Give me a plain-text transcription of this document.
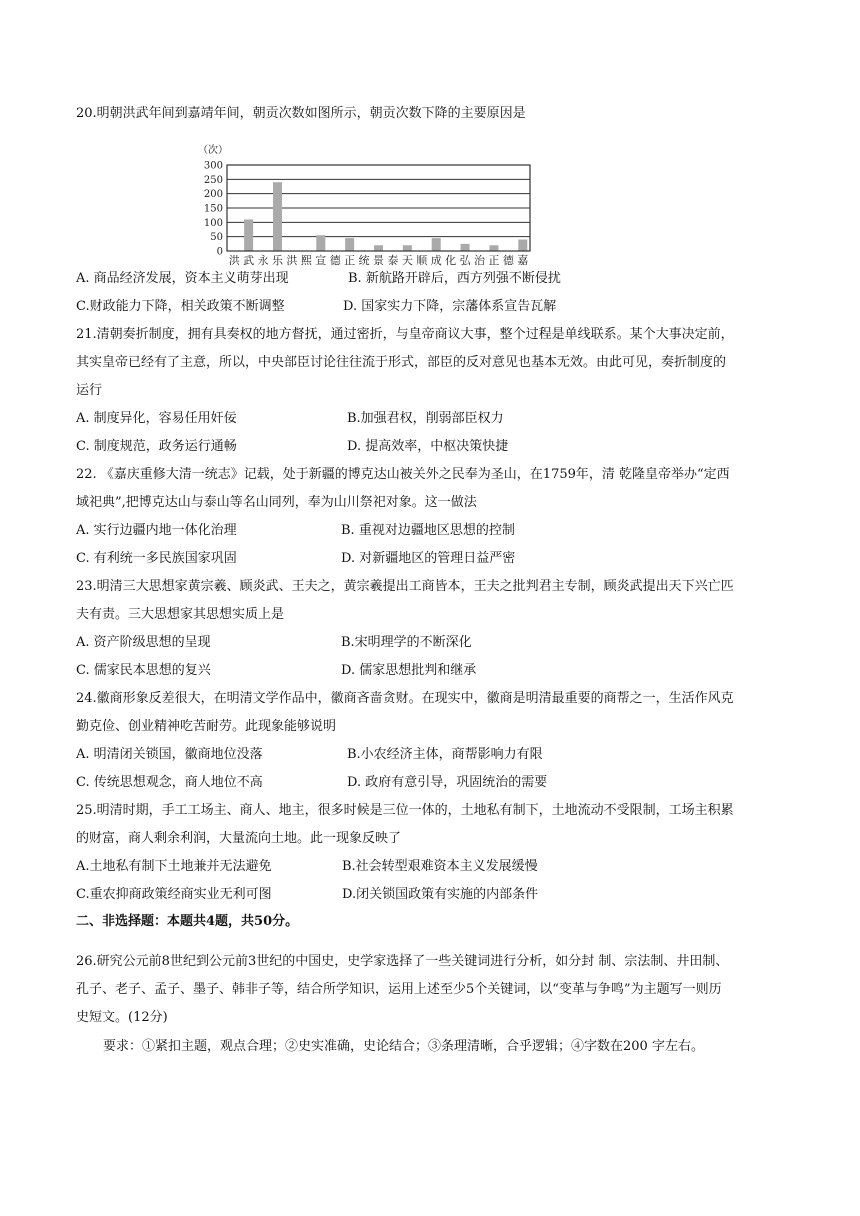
20.明朝洪武年间到嘉靖年间，朝贡次数如图所示，朝贡次数下降的主要原因是
（次）
0
50
100
150
200
250
300
洪 武 永 乐 洪 熙 宣 德 正 统 景 泰 天 顺 成 化 弘 治 正 德 嘉
A. 商品经济发展，资本主义萌芽出现	B. 新航路开辟后，西方列强不断侵扰
C.财政能力下降，相关政策不断调整	D. 国家实力下降，宗藩体系宣告瓦解
21.清朝奏折制度，拥有具奏权的地方督抚，通过密折，与皇帝商议大事，整个过程是单线联系。某个大事决定前，
其实皇帝已经有了主意，所以，中央部臣讨论往往流于形式，部臣的反对意见也基本无效。由此可见，奏折制度的
运行
A. 制度异化，容易任用奸佞	B.加强君权，削弱部臣权力
C. 制度规范，政务运行通畅	D. 提高效率，中枢决策快捷
22. 《嘉庆重修大清一统志》记载，处于新疆的博克达山被关外之民奉为圣山，在1759年，清 乾隆皇帝举办“定西
域祀典”,把博克达山与泰山等名山同列，奉为山川祭祀对象。这一做法
A. 实行边疆内地一体化治理	B. 重视对边疆地区思想的控制
C. 有利统一多民族国家巩固	D. 对新疆地区的管理日益严密
23.明清三大思想家黄宗羲、顾炎武、王夫之，黄宗羲提出工商皆本，王夫之批判君主专制，顾炎武提出天下兴亡匹
夫有责。三大思想家其思想实质上是
A. 资产阶级思想的呈现	B.宋明理学的不断深化
C. 儒家民本思想的复兴	D. 儒家思想批判和继承
24.徽商形象反差很大，在明清文学作品中，徽商吝啬贪财。在现实中，徽商是明清最重要的商帮之一，生活作风克
勤克俭、创业精神吃苦耐劳。此现象能够说明
A. 明清闭关锁国，徽商地位没落	B.小农经济主体，商帮影响力有限
C. 传统思想观念，商人地位不高	D. 政府有意引导，巩固统治的需要
25.明清时期，手工工场主、商人、地主，很多时候是三位一体的，土地私有制下，土地流动不受限制，工场主积累
的财富，商人剩余利润，大量流向土地。此一现象反映了
A.土地私有制下土地兼并无法避免	B.社会转型艰难资本主义发展缓慢
C.重农抑商政策经商实业无利可图	D.闭关锁国政策有实施的内部条件
二、非选择题：本题共4题，共50分。
26.研究公元前8世纪到公元前3世纪的中国史，史学家选择了一些关键词进行分析，如分封 制、宗法制、井田制、
孔子、老子、孟子、墨子、韩非子等，结合所学知识，运用上述至少5个关键词，以“变革与争鸣”为主题写一则历
史短文。(12分)
要求：①紧扣主题，观点合理；②史实准确，史论结合；③条理清晰，合乎逻辑；④字数在200 字左右。
